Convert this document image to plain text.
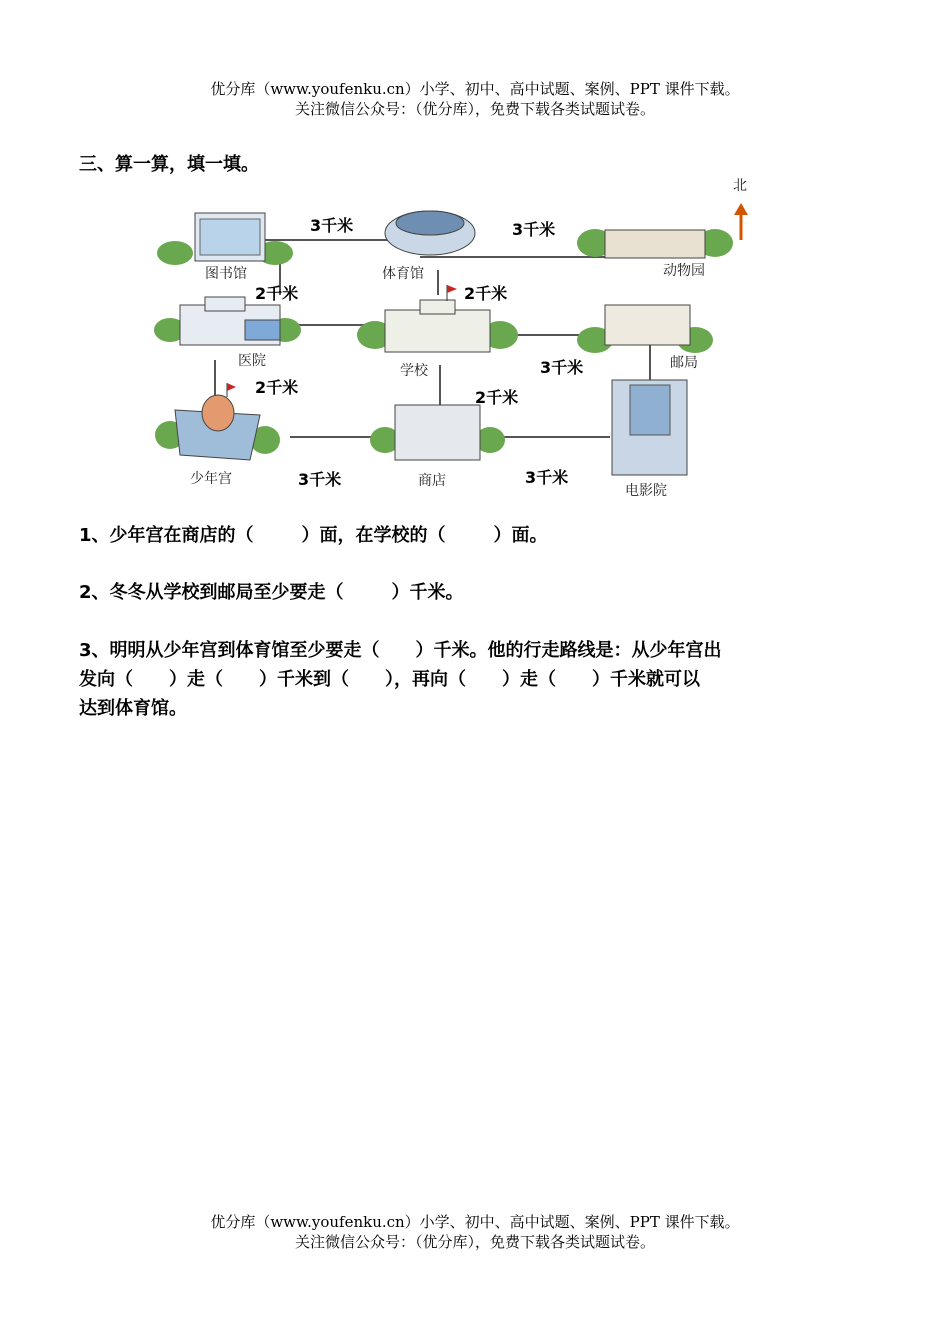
优分库（www.youfenku.cn）小学、初中、高中试题、案例、PPT 课件下载。
关注微信公众号：（优分库），免费下载各类试题试卷。
三、算一算，填一填。
北
图书馆	体育馆	动物园
医院
学校	邮局
少年宫	商店
电影院
3千米	3千米
2千米	2千米
3千米
2千米
2千米
3千米	3千米
1、少年宫在商店的（	）面，在学校的（	）面。
2、冬冬从学校到邮局至少要走（	）千米。
3、明明从少年宫到体育馆至少要走（　　）千米。他的行走路线是：从少年宫出
发向（　　）走（　　）千米到（　　），再向（　　）走（　　）千米就可以
达到体育馆。
优分库（www.youfenku.cn）小学、初中、高中试题、案例、PPT 课件下载。
关注微信公众号：（优分库），免费下载各类试题试卷。
